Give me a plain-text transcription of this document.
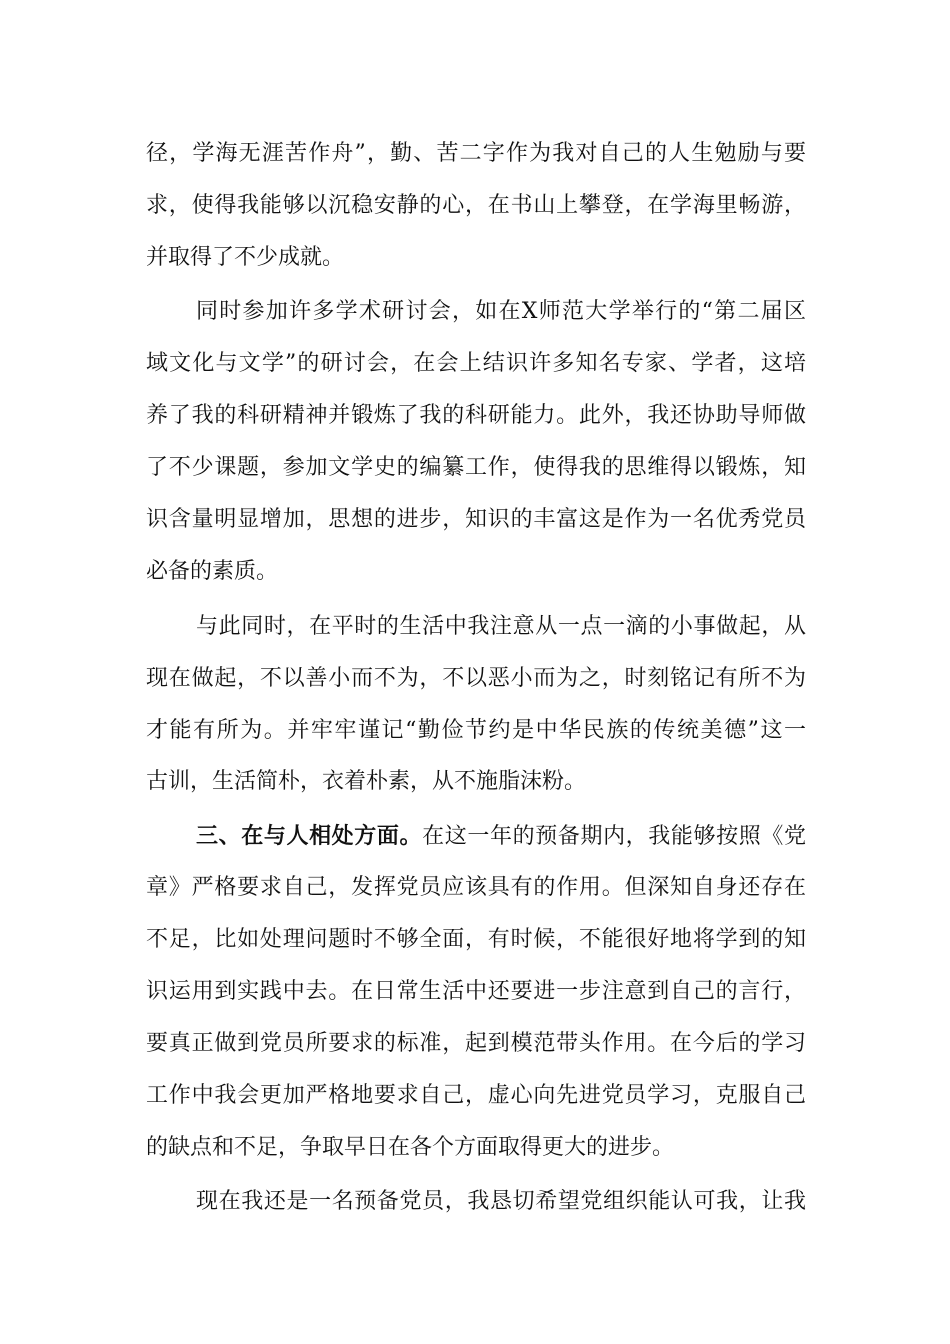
径，学海无涯苦作舟”，勤、苦二字作为我对自己的人生勉励与要
求，使得我能够以沉稳安静的心，在书山上攀登，在学海里畅游，
并取得了不少成就。
同时参加许多学术研讨会，如在X师范大学举行的“第二届区
域文化与文学”的研讨会，在会上结识许多知名专家、学者，这培
养了我的科研精神并锻炼了我的科研能力。此外，我还协助导师做
了不少课题，参加文学史的编纂工作，使得我的思维得以锻炼，知
识含量明显增加，思想的进步，知识的丰富这是作为一名优秀党员
必备的素质。
与此同时，在平时的生活中我注意从一点一滴的小事做起，从
现在做起，不以善小而不为，不以恶小而为之，时刻铭记有所不为
才能有所为。并牢牢谨记“勤俭节约是中华民族的传统美德”这一
古训，生活简朴，衣着朴素，从不施脂沫粉。
三、在与人相处方面。在这一年的预备期内，我能够按照《党
章》严格要求自己，发挥党员应该具有的作用。但深知自身还存在
不足，比如处理问题时不够全面，有时候，不能很好地将学到的知
识运用到实践中去。在日常生活中还要进一步注意到自己的言行，
要真正做到党员所要求的标准，起到模范带头作用。在今后的学习
工作中我会更加严格地要求自己，虚心向先进党员学习，克服自己
的缺点和不足，争取早日在各个方面取得更大的进步。
现在我还是一名预备党员，我恳切希望党组织能认可我，让我
